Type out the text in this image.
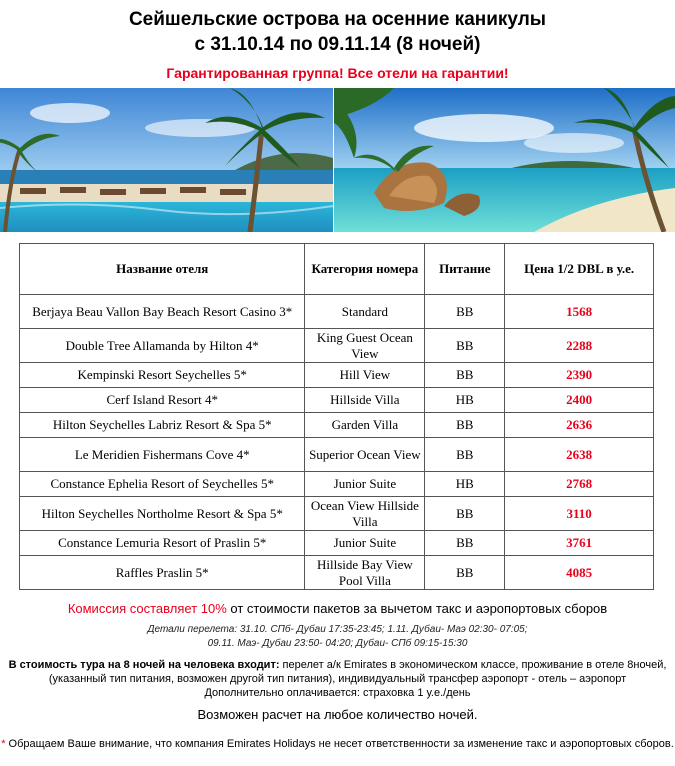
Сейшельские острова на осенние каникулы
с 31.10.14 по 09.11.14 (8 ночей)
Гарантированная группа! Все отели на гарантии!
Название отеля	Категория номера	Питание	Цена 1/2 DBL в у.е.
Berjaya Beau Vallon Bay Beach Resort Casino 3*	Standard	BB	1568
Double Tree Allamanda by Hilton 4*	King Guest Ocean View	BB	2288
Kempinski Resort Seychelles 5*	Hill View	BB	2390
Cerf Island Resort 4*	Hillside Villa	HB	2400
Hilton Seychelles Labriz Resort & Spa 5*	Garden Villa	BB	2636
Le Meridien Fishermans Cove 4*	Superior Ocean View	BB	2638
Constance Ephelia Resort of Seychelles 5*	Junior Suite	HB	2768
Hilton Seychelles Northolme Resort & Spa 5*	Ocean View Hillside Villa	BB	3110
Constance Lemuria Resort of Praslin 5*	Junior Suite	BB	3761
Raffles Praslin 5*	Hillside Bay View Pool Villa	BB	4085
Комиссия составляет 10% от стоимости пакетов за вычетом такс и аэропортовых сборов
Детали перелета: 31.10. СПб- Дубаи 17:35-23:45; 1.11. Дубаи- Маэ 02:30- 07:05;
09.11. Маэ- Дубаи 23:50- 04:20; Дубаи- СПб 09:15-15:30
В стоимость тура на 8 ночей на человека входит: перелет а/к Emirates в экономическом классе, проживание в отеле 8ночей,
(указанный тип питания, возможен другой тип питания), индивидуальный трансфер аэропорт - отель – аэропорт
Дополнительно оплачивается: страховка 1 у.е./день
Возможен расчет на любое количество ночей.
* Обращаем Ваше внимание, что компания Emirates Holidays не несет ответственности за изменение такс и аэропортовых сборов.
